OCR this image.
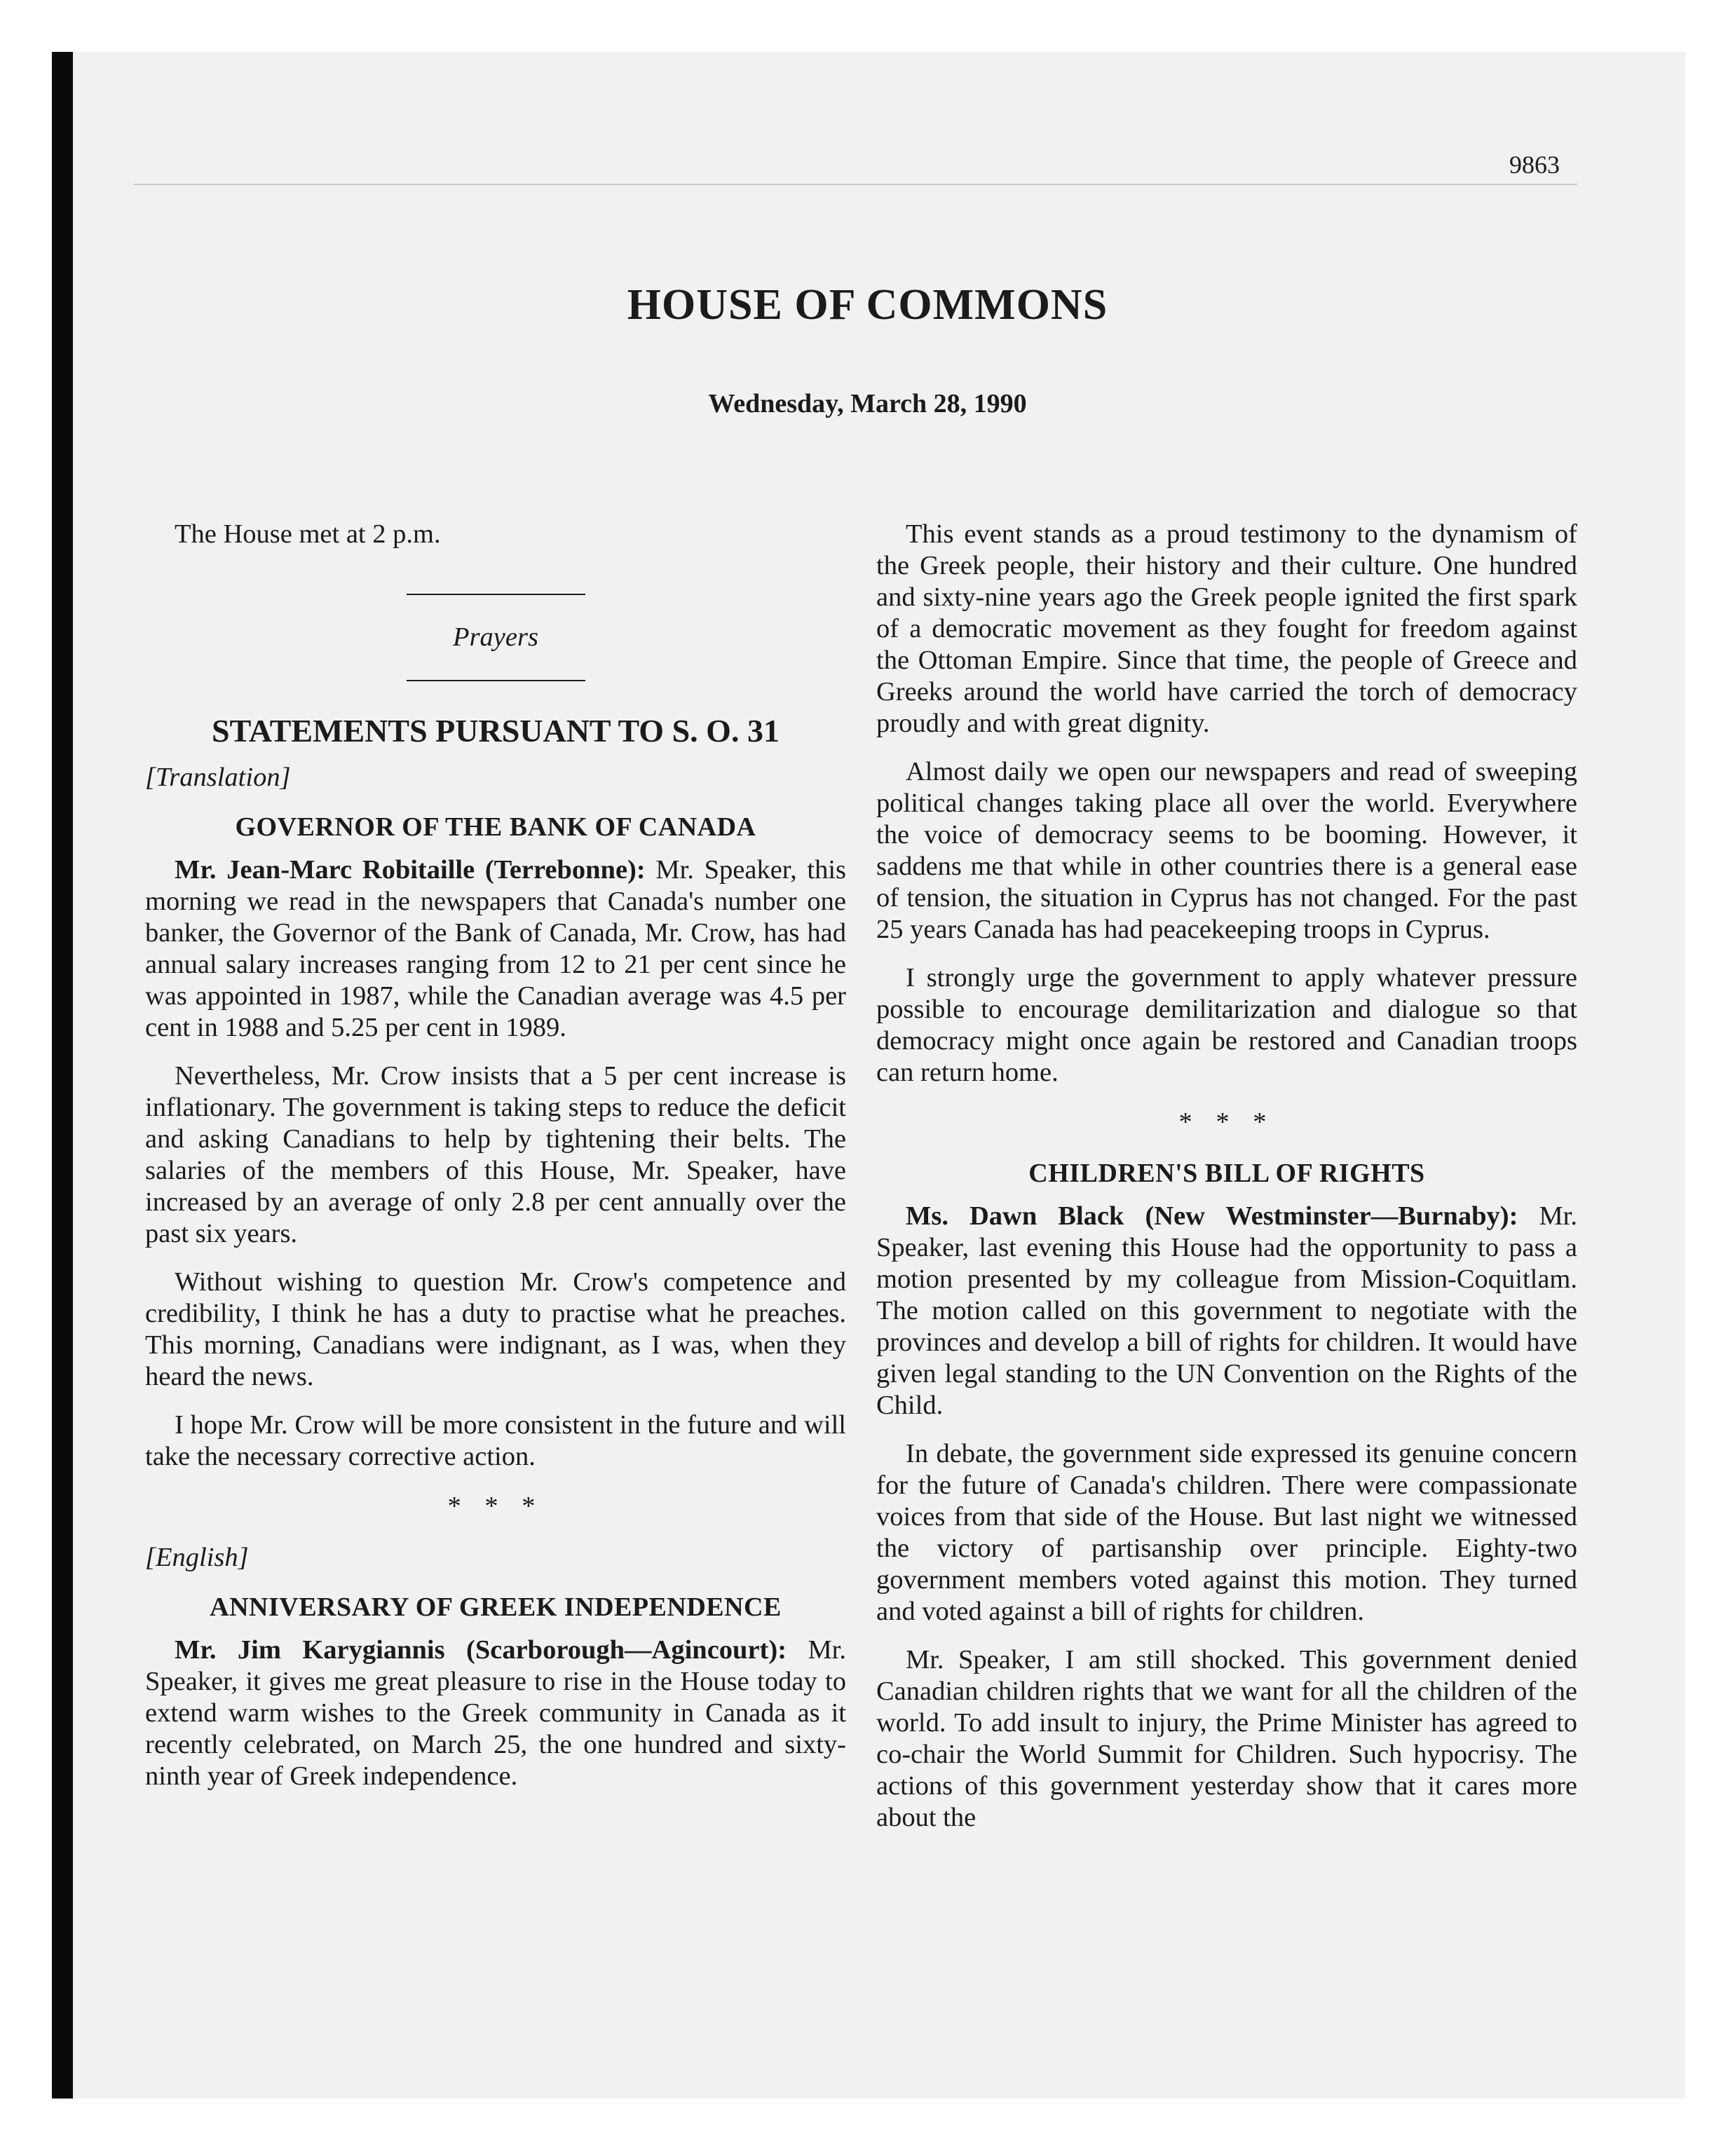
9863
HOUSE OF COMMONS
Wednesday, March 28, 1990

The House met at 2 p.m.

Prayers
STATEMENTS PURSUANT TO S. O. 31
[Translation]
GOVERNOR OF THE BANK OF CANADA

Mr. Jean-Marc Robitaille (Terrebonne): Mr. Speaker, this morning we read in the newspapers that Canada's number one banker, the Governor of the Bank of Canada, Mr. Crow, has had annual salary increases ranging from 12 to 21 per cent since he was appointed in 1987, while the Canadian average was 4.5 per cent in 1988 and 5.25 per cent in 1989.

Nevertheless, Mr. Crow insists that a 5 per cent increase is inflationary. The government is taking steps to reduce the deficit and asking Canadians to help by tightening their belts. The salaries of the members of this House, Mr. Speaker, have increased by an average of only 2.8 per cent annually over the past six years.

Without wishing to question Mr. Crow's competence and credibility, I think he has a duty to practise what he preaches. This morning, Canadians were indignant, as I was, when they heard the news.

I hope Mr. Crow will be more consistent in the future and will take the necessary corrective action.

* * *
[English]
ANNIVERSARY OF GREEK INDEPENDENCE

Mr. Jim Karygiannis (Scarborough—Agincourt): Mr. Speaker, it gives me great pleasure to rise in the House today to extend warm wishes to the Greek community in Canada as it recently celebrated, on March 25, the one hundred and sixty-ninth year of Greek independence.

This event stands as a proud testimony to the dynamism of the Greek people, their history and their culture. One hundred and sixty-nine years ago the Greek people ignited the first spark of a democratic movement as they fought for freedom against the Ottoman Empire. Since that time, the people of Greece and Greeks around the world have carried the torch of democracy proudly and with great dignity.

Almost daily we open our newspapers and read of sweeping political changes taking place all over the world. Everywhere the voice of democracy seems to be booming. However, it saddens me that while in other countries there is a general ease of tension, the situation in Cyprus has not changed. For the past 25 years Canada has had peacekeeping troops in Cyprus.

I strongly urge the government to apply whatever pressure possible to encourage demilitarization and dialogue so that democracy might once again be restored and Canadian troops can return home.

* * *
CHILDREN'S BILL OF RIGHTS

Ms. Dawn Black (New Westminster—Burnaby): Mr. Speaker, last evening this House had the opportunity to pass a motion presented by my colleague from Mission-Coquitlam. The motion called on this government to negotiate with the provinces and develop a bill of rights for children. It would have given legal standing to the UN Convention on the Rights of the Child.

In debate, the government side expressed its genuine concern for the future of Canada's children. There were compassionate voices from that side of the House. But last night we witnessed the victory of partisanship over principle. Eighty-two government members voted against this motion. They turned and voted against a bill of rights for children.

Mr. Speaker, I am still shocked. This government denied Canadian children rights that we want for all the children of the world. To add insult to injury, the Prime Minister has agreed to co-chair the World Summit for Children. Such hypocrisy. The actions of this government yesterday show that it cares more about the
